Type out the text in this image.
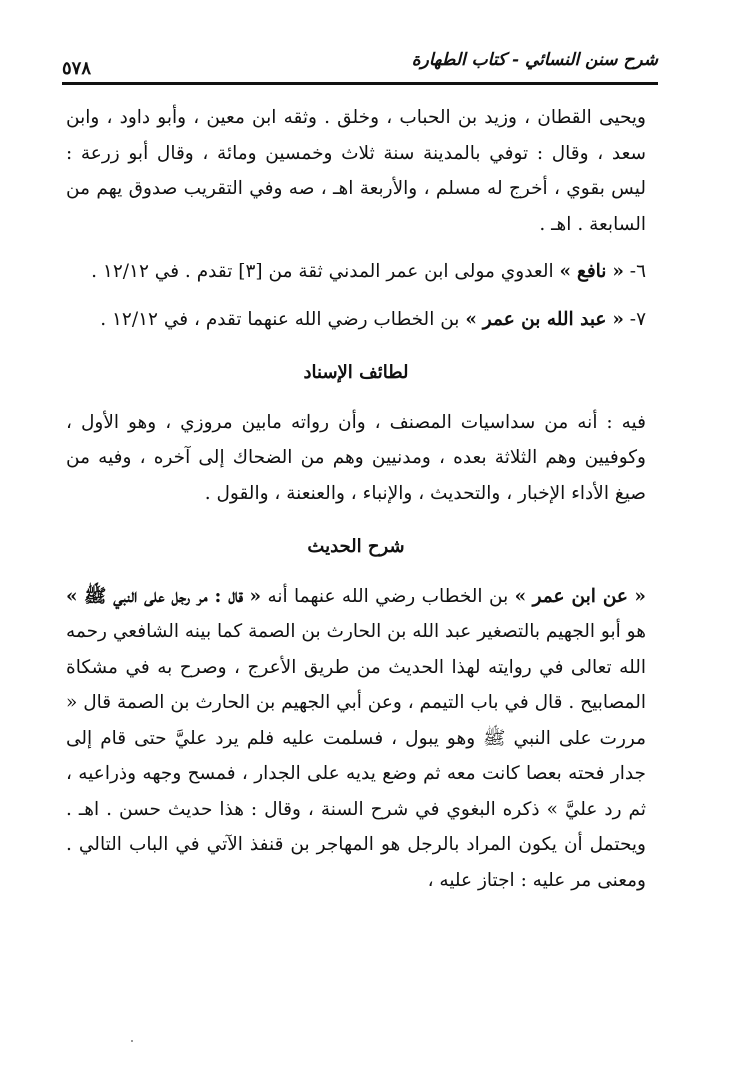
شرح سنن النسائي - كتاب الطهارة
٥٧٨

ويحيى القطان ، وزيد بن الحباب ، وخلق . وثقه ابن معين ، وأبو داود ، وابن سعد ، وقال : توفي بالمدينة سنة ثلاث وخمسين ومائة ، وقال أبو زرعة : ليس بقوي ، أخرج له مسلم ، والأربعة اهـ ، صه وفي التقريب صدوق يهم من السابعة . اهـ .

٦- « نافع » العدوي مولى ابن عمر المدني ثقة من [٣] تقدم . في ١٢/١٢ .

٧- « عبد الله بن عمر » بن الخطاب رضي الله عنهما تقدم ، في ١٢/١٢ .

لطائف الإسناد

فيه : أنه من سداسيات المصنف ، وأن رواته مابين مروزي ، وهو الأول ، وكوفيين وهم الثلاثة بعده ، ومدنيين وهم من الضحاك إلى آخره ، وفيه من صيغ الأداء الإخبار ، والتحديث ، والإنباء ، والعنعنة ، والقول .

شرح الحديث

« عن ابن عمر » بن الخطاب رضي الله عنهما أنه « قال : مر رجل على النبي ﷺ » هو أبو الجهيم بالتصغير عبد الله بن الحارث بن الصمة كما بينه الشافعي رحمه الله تعالى في روايته لهذا الحديث من طريق الأعرج ، وصرح به في مشكاة المصابيح . قال في باب التيمم ، وعن أبي الجهيم بن الحارث بن الصمة قال « مررت على النبي ﷺ وهو يبول ، فسلمت عليه فلم يرد عليَّ حتى قام إلى جدار فحته بعصا كانت معه ثم وضع يديه على الجدار ، فمسح وجهه وذراعيه ، ثم رد عليَّ » ذكره البغوي في شرح السنة ، وقال : هذا حديث حسن . اهـ . ويحتمل أن يكون المراد بالرجل هو المهاجر بن قنفذ الآتي في الباب التالي . ومعنى مر عليه : اجتاز عليه ،
